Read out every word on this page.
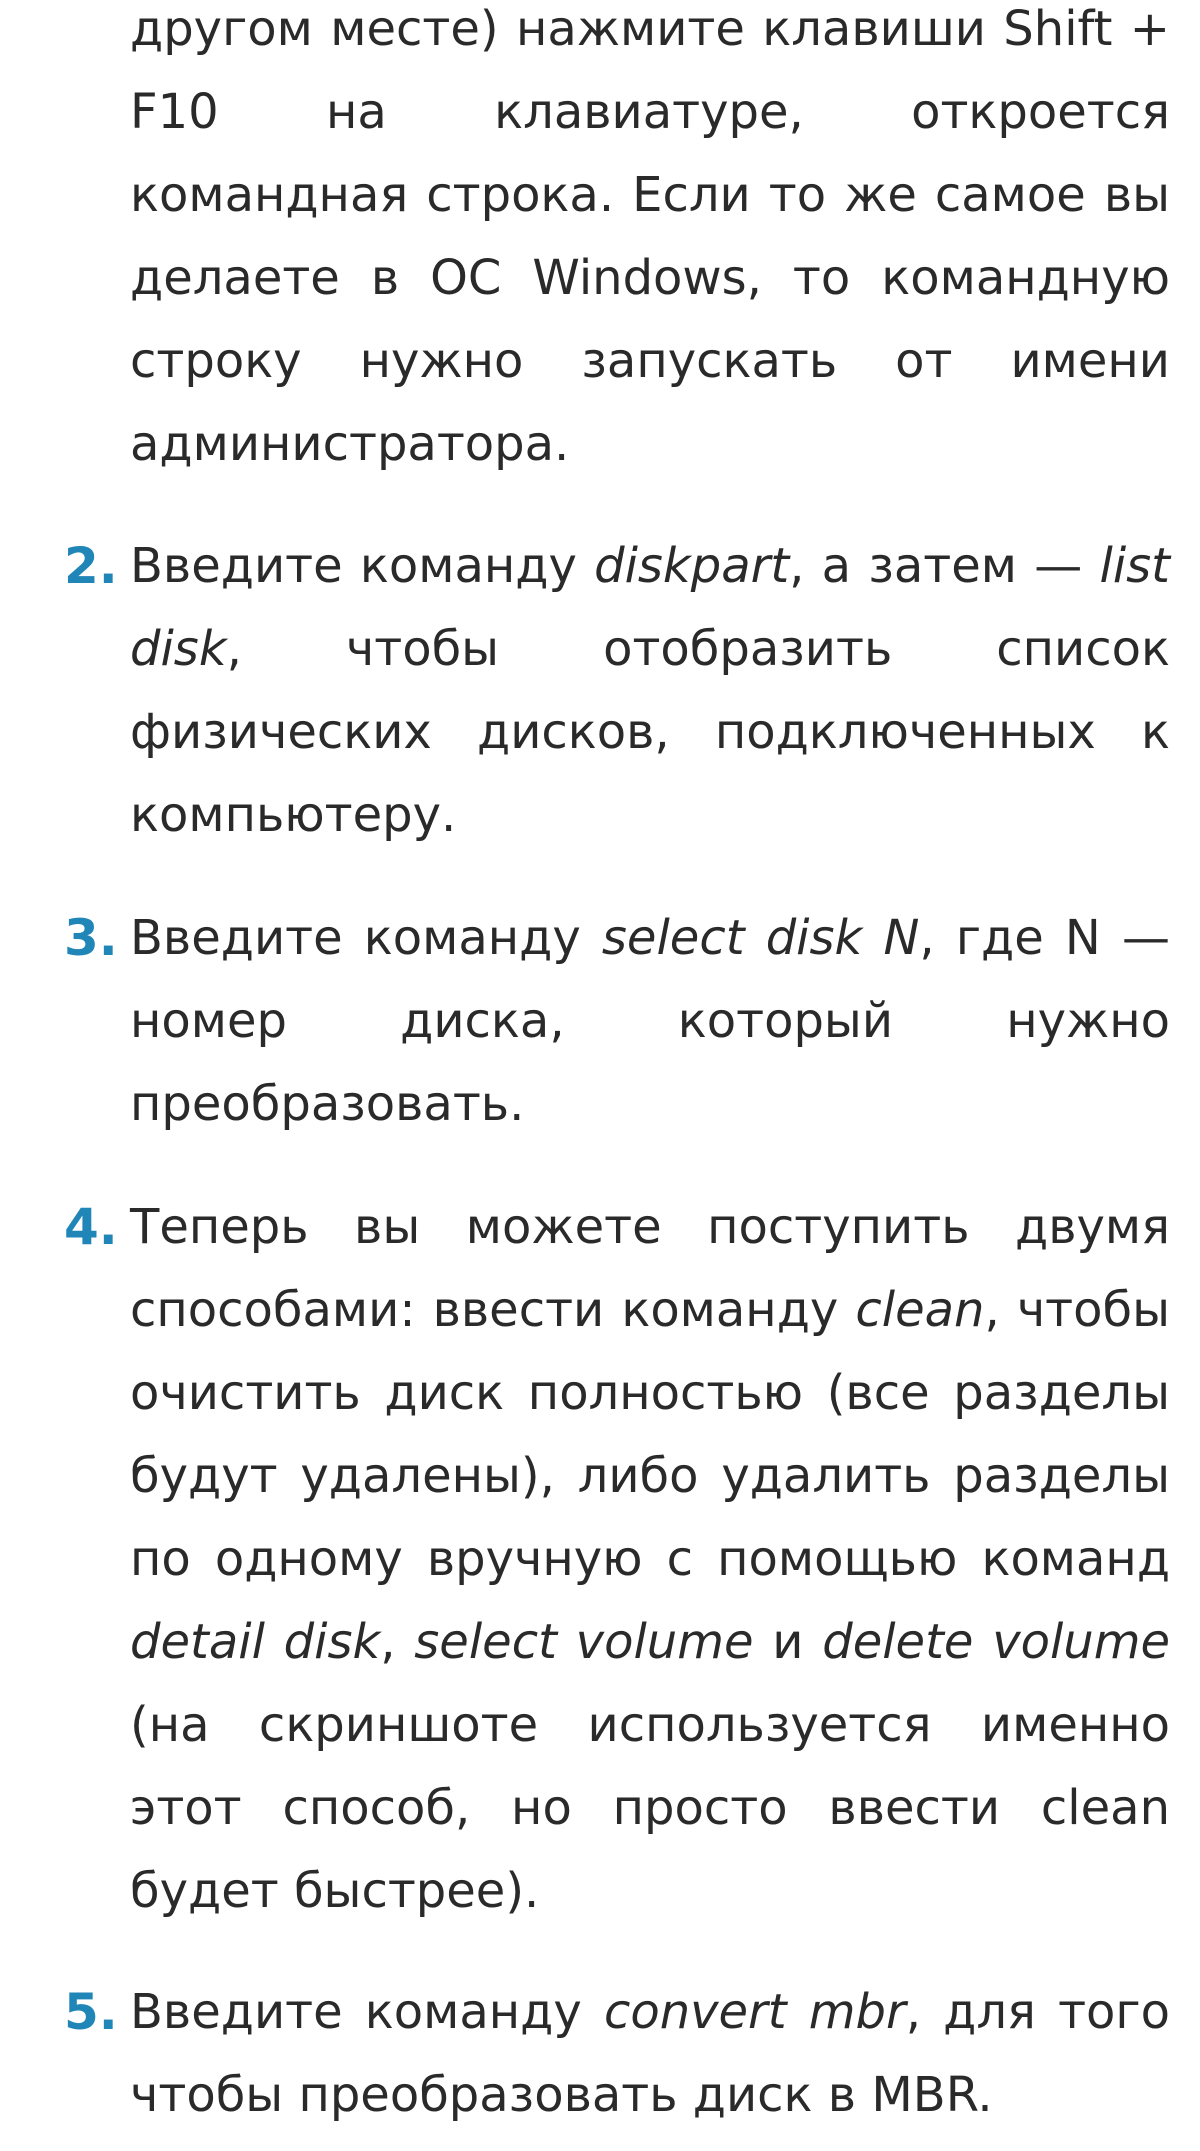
другом месте) нажмите клавиши Shift + F10 на клавиатуре, откроется командная строка. Если то же самое вы делаете в ОС Windows, то командную строку нужно запускать от имени администратора.

2. Введите команду diskpart, а затем — list disk, чтобы отобразить список физических дисков, подключенных к компьютеру.

3. Введите команду select disk N, где N — номер диска, который нужно преобразовать.

4. Теперь вы можете поступить двумя способами: ввести команду clean, чтобы очистить диск полностью (все разделы будут удалены), либо удалить разделы по одному вручную с помощью команд detail disk, select volume и delete volume (на скриншоте используется именно этот способ, но просто ввести clean будет быстрее).

5. Введите команду convert mbr, для того чтобы преобразовать диск в MBR.
